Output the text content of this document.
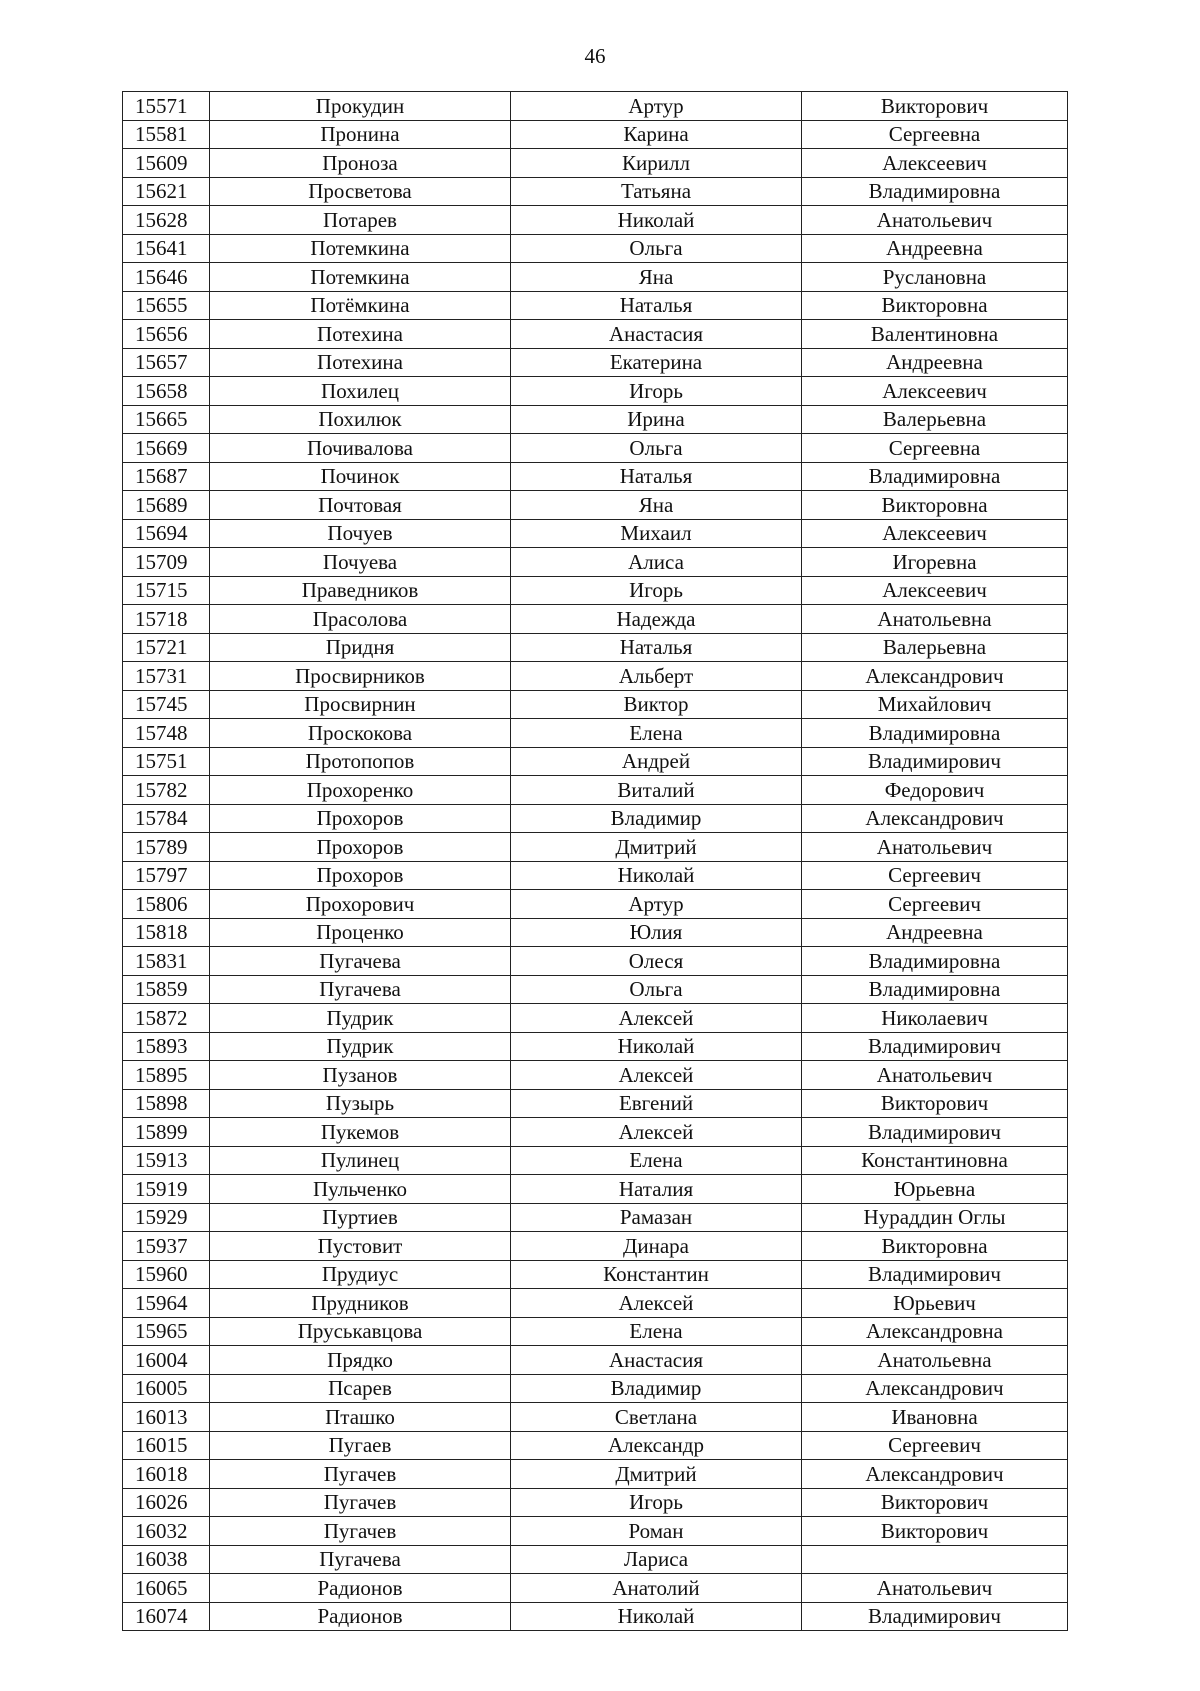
46
15571	Прокудин	Артур	Викторович
15581	Пронина	Карина	Сергеевна
15609	Проноза	Кирилл	Алексеевич
15621	Просветова	Татьяна	Владимировна
15628	Потарев	Николай	Анатольевич
15641	Потемкина	Ольга	Андреевна
15646	Потемкина	Яна	Руслановна
15655	Потёмкина	Наталья	Викторовна
15656	Потехина	Анастасия	Валентиновна
15657	Потехина	Екатерина	Андреевна
15658	Похилец	Игорь	Алексеевич
15665	Похилюк	Ирина	Валерьевна
15669	Почивалова	Ольга	Сергеевна
15687	Починок	Наталья	Владимировна
15689	Почтовая	Яна	Викторовна
15694	Почуев	Михаил	Алексеевич
15709	Почуева	Алиса	Игоревна
15715	Праведников	Игорь	Алексеевич
15718	Прасолова	Надежда	Анатольевна
15721	Придня	Наталья	Валерьевна
15731	Просвирников	Альберт	Александрович
15745	Просвирнин	Виктор	Михайлович
15748	Проскокова	Елена	Владимировна
15751	Протопопов	Андрей	Владимирович
15782	Прохоренко	Виталий	Федорович
15784	Прохоров	Владимир	Александрович
15789	Прохоров	Дмитрий	Анатольевич
15797	Прохоров	Николай	Сергеевич
15806	Прохорович	Артур	Сергеевич
15818	Проценко	Юлия	Андреевна
15831	Пугачева	Олеся	Владимировна
15859	Пугачева	Ольга	Владимировна
15872	Пудрик	Алексей	Николаевич
15893	Пудрик	Николай	Владимирович
15895	Пузанов	Алексей	Анатольевич
15898	Пузырь	Евгений	Викторович
15899	Пукемов	Алексей	Владимирович
15913	Пулинец	Елена	Константиновна
15919	Пульченко	Наталия	Юрьевна
15929	Пуртиев	Рамазан	Нураддин Оглы
15937	Пустовит	Динара	Викторовна
15960	Прудиус	Константин	Владимирович
15964	Прудников	Алексей	Юрьевич
15965	Пруськавцова	Елена	Александровна
16004	Прядко	Анастасия	Анатольевна
16005	Псарев	Владимир	Александрович
16013	Пташко	Светлана	Ивановна
16015	Пугаев	Александр	Сергеевич
16018	Пугачев	Дмитрий	Александрович
16026	Пугачев	Игорь	Викторович
16032	Пугачев	Роман	Викторович
16038	Пугачева	Лариса	
16065	Радионов	Анатолий	Анатольевич
16074	Радионов	Николай	Владимирович
